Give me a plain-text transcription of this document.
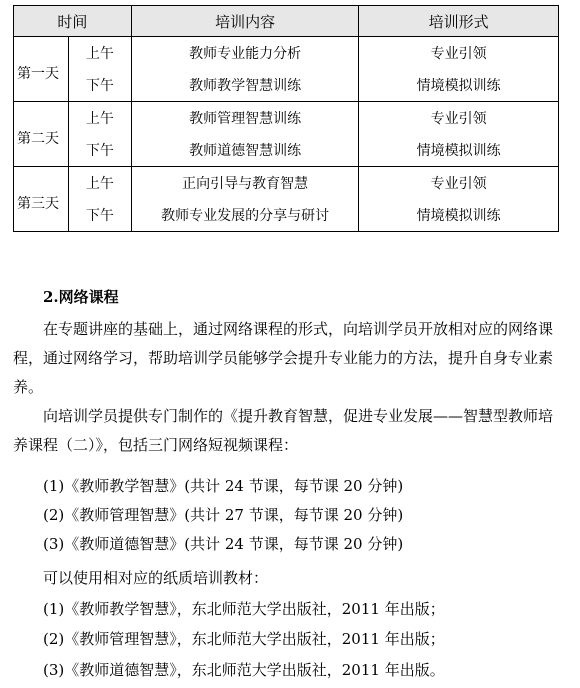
时间		培训内容	培训形式
第一天	上午	教师专业能力分析	专业引领
	下午	教师教学智慧训练	情境模拟训练
第二天	上午	教师管理智慧训练	专业引领
	下午	教师道德智慧训练	情境模拟训练
第三天	上午	正向引导与教育智慧	专业引领
	下午	教师专业发展的分享与研讨	情境模拟训练
2.网络课程

在专题讲座的基础上，通过网络课程的形式，向培训学员开放相对应的网络课程，通过网络学习，帮助培训学员能够学会提升专业能力的方法，提升自身专业素养。

向培训学员提供专门制作的《提升教育智慧，促进专业发展——智慧型教师培养课程（二）》，包括三门网络短视频课程：

(1)《教师教学智慧》(共计 24 节课，每节课 20 分钟)

(2)《教师管理智慧》(共计 27 节课，每节课 20 分钟)

(3)《教师道德智慧》(共计 24 节课，每节课 20 分钟)

可以使用相对应的纸质培训教材：

(1)《教师教学智慧》，东北师范大学出版社，2011 年出版；

(2)《教师管理智慧》，东北师范大学出版社，2011 年出版；

(3)《教师道德智慧》，东北师范大学出版社，2011 年出版。
